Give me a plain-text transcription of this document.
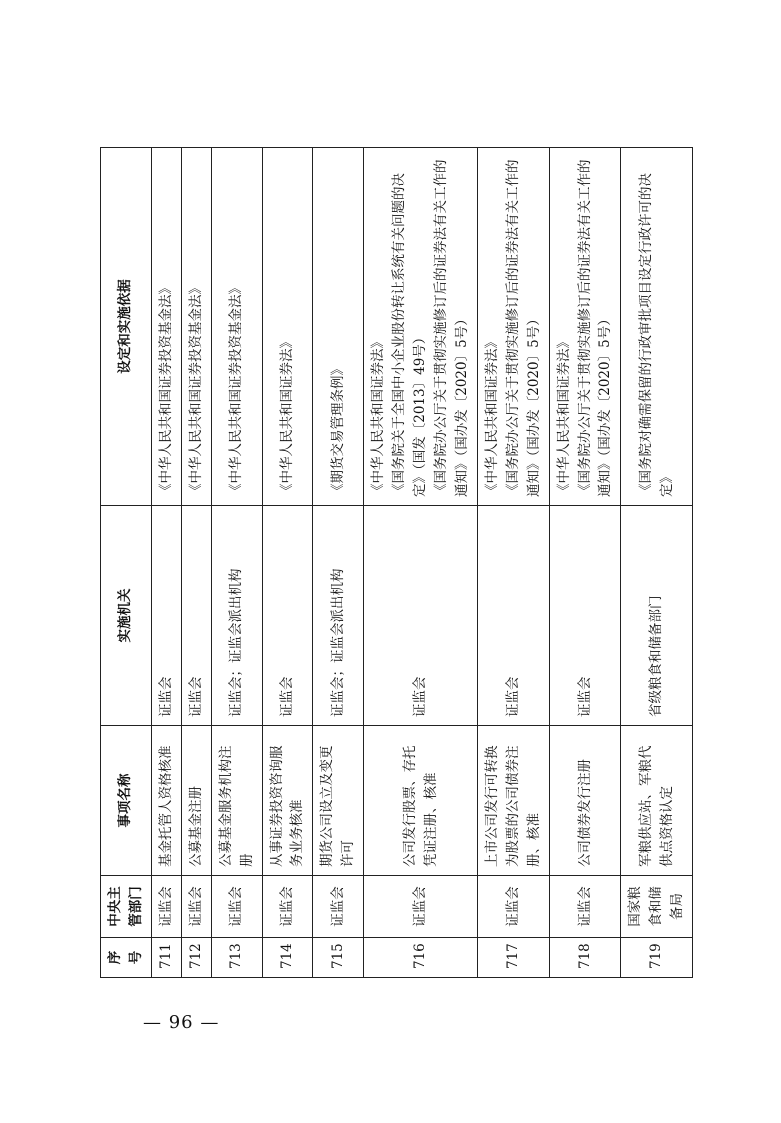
序号	中央主管部门	事项名称	实施机关	设定和实施依据
711	证监会	基金托管人资格核准	证监会	《中华人民共和国证券投资基金法》

712	证监会	公募基金注册	证监会	《中华人民共和国证券投资基金法》

713	证监会	公募基金服务机构注册	证监会；证监会派出机构	《中华人民共和国证券投资基金法》

714	证监会	从事证券投资咨询服务业务核准	证监会	《中华人民共和国证券法》

715	证监会	期货公司设立及变更许可	证监会；证监会派出机构	《期货交易管理条例》

716	证监会	公司发行股票、存托凭证注册、核准	证监会	《中华人民共和国证券法》 《国务院关于全国中小企业股份转让系统有关问题的决定》（国发〔2013〕49号） 《国务院办公厅关于贯彻实施修订后的证券法有关工作的通知》（国办发〔2020〕5号）

717	证监会	上市公司发行可转换为股票的公司债券注册、核准	证监会	《中华人民共和国证券法》 《国务院办公厅关于贯彻实施修订后的证券法有关工作的通知》（国办发〔2020〕5号）

718	证监会	公司债券发行注册	证监会	《中华人民共和国证券法》 《国务院办公厅关于贯彻实施修订后的证券法有关工作的通知》（国办发〔2020〕5号）

719	国家粮食和储备局	军粮供应站、军粮代供点资格认定	省级粮食和储备部门	《国务院对确需保留的行政审批项目设定行政许可的决定》
— 96 —
